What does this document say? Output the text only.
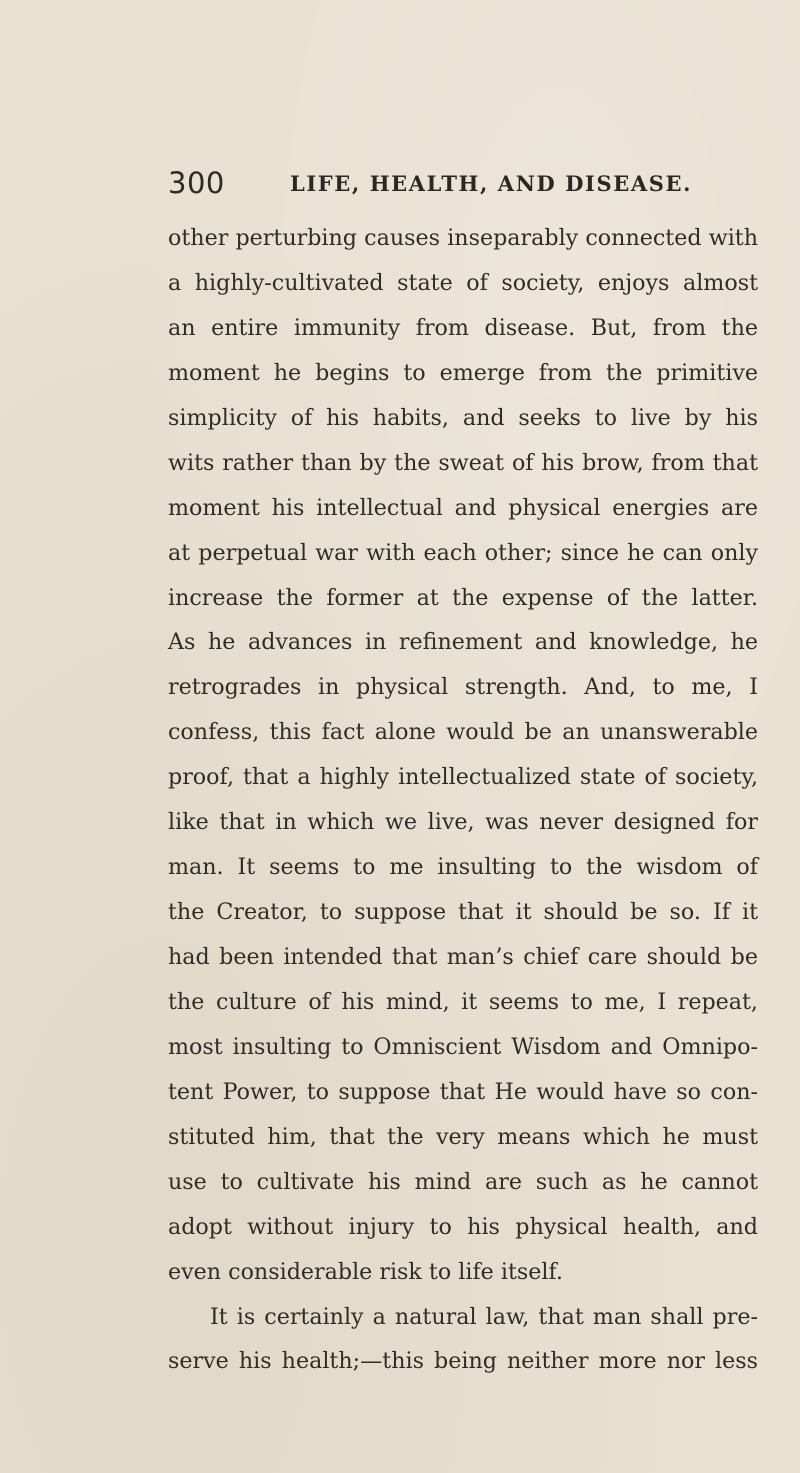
300	LIFE, HEALTH, AND DISEASE.
other perturbing causes inseparably connected with
a highly-cultivated state of society, enjoys almost
an entire immunity from disease. But, from the
moment he begins to emerge from the primitive
simplicity of his habits, and seeks to live by his
wits rather than by the sweat of his brow, from that
moment his intellectual and physical energies are
at perpetual war with each other; since he can only
increase the former at the expense of the latter.
As he advances in refinement and knowledge, he
retrogrades in physical strength. And, to me, I
confess, this fact alone would be an unanswerable
proof, that a highly intellectualized state of society,
like that in which we live, was never designed for
man. It seems to me insulting to the wisdom of
the Creator, to suppose that it should be so. If it
had been intended that man’s chief care should be
the culture of his mind, it seems to me, I repeat,
most insulting to Omniscient Wisdom and Omnipo-
tent Power, to suppose that He would have so con-
stituted him, that the very means which he must
use to cultivate his mind are such as he cannot
adopt without injury to his physical health, and
even considerable risk to life itself.
It is certainly a natural law, that man shall pre-
serve his health;—this being neither more nor less
